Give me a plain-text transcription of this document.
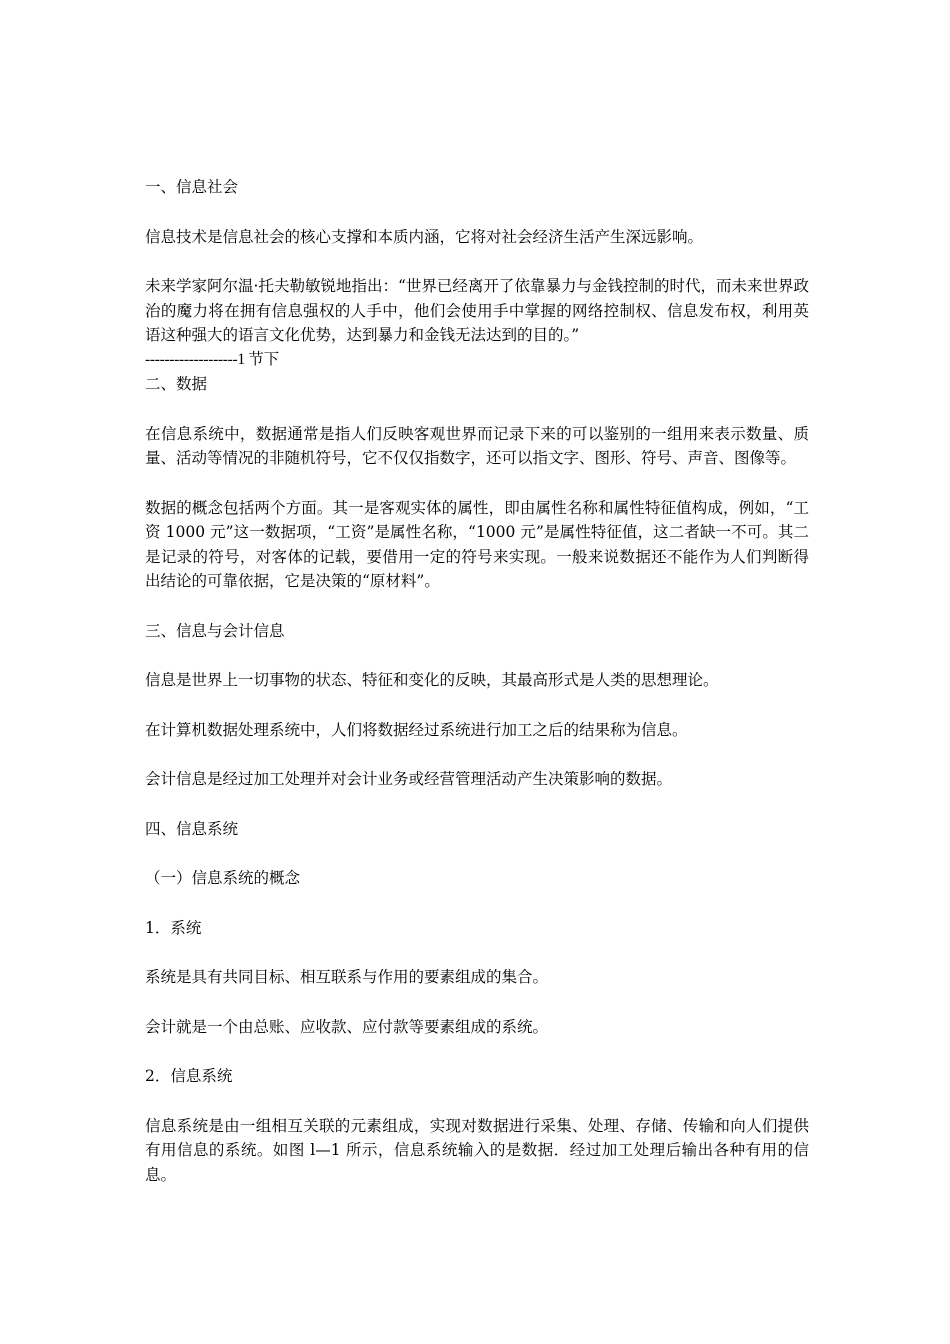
一、信息社会

信息技术是信息社会的核心支撑和本质内涵，它将对社会经济生活产生深远影响。

未来学家阿尔温·托夫勒敏锐地指出：“世界已经离开了依靠暴力与金钱控制的时代，而未来世界政治的魔力将在拥有信息强权的人手中，他们会使用手中掌握的网络控制权、信息发布权，利用英语这种强大的语言文化优势，达到暴力和金钱无法达到的目的。”

-------------------1 节下

二、数据

在信息系统中，数据通常是指人们反映客观世界而记录下来的可以鉴别的一组用来表示数量、质量、活动等情况的非随机符号，它不仅仅指数字，还可以指文字、图形、符号、声音、图像等。

数据的概念包括两个方面。其一是客观实体的属性，即由属性名称和属性特征值构成，例如，“工资 1000 元”这一数据项，“工资”是属性名称，“1000 元”是属性特征值，这二者缺一不可。其二是记录的符号，对客体的记载，要借用一定的符号来实现。一般来说数据还不能作为人们判断得出结论的可靠依据，它是决策的“原材料”。

三、信息与会计信息

信息是世界上一切事物的状态、特征和变化的反映，其最高形式是人类的思想理论。

在计算机数据处理系统中，人们将数据经过系统进行加工之后的结果称为信息。

会计信息是经过加工处理并对会计业务或经营管理活动产生决策影响的数据。

四、信息系统

（一）信息系统的概念

1．系统

系统是具有共同目标、相互联系与作用的要素组成的集合。

会计就是一个由总账、应收款、应付款等要素组成的系统。

2．信息系统

信息系统是由一组相互关联的元素组成，实现对数据进行采集、处理、存储、传输和向人们提供有用信息的系统。如图 l—1 所示，信息系统输入的是数据．经过加工处理后输出各种有用的信息。
